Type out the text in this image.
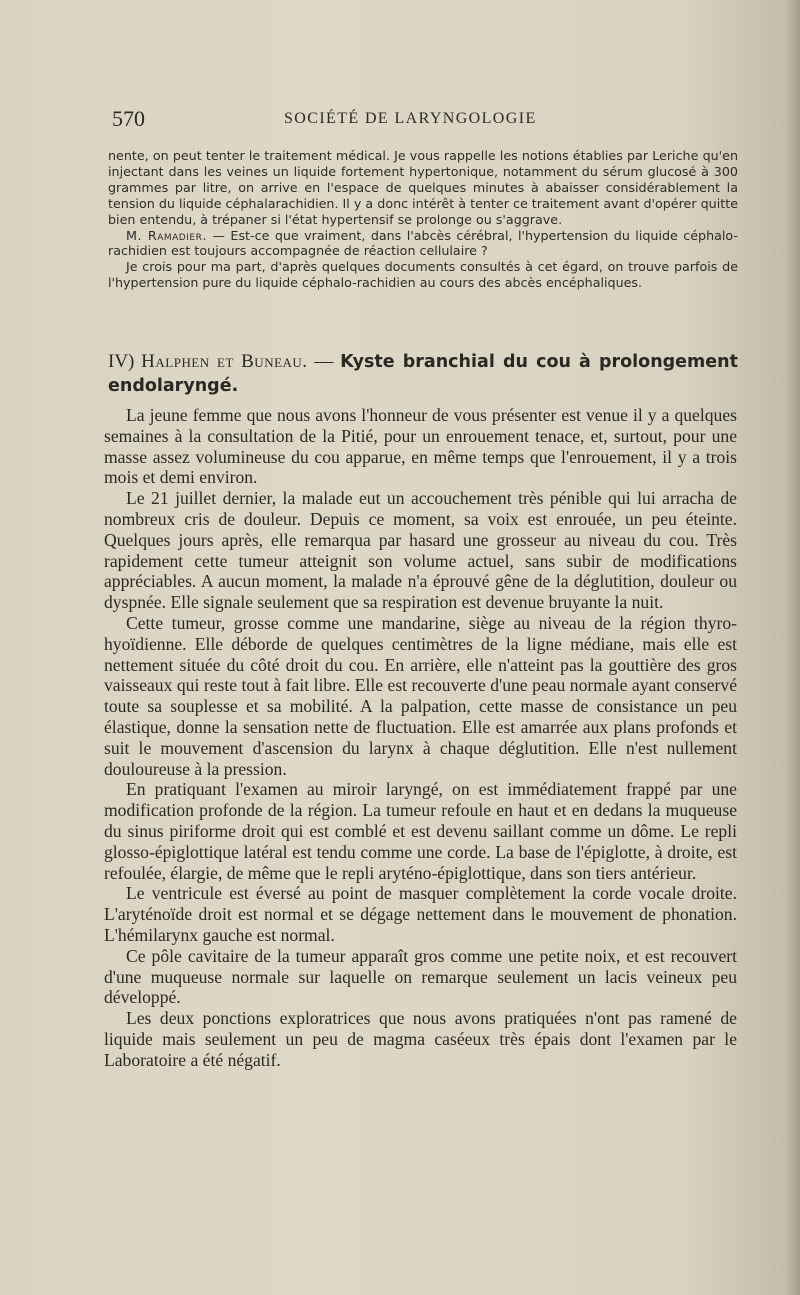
570	SOCIÉTÉ DE LARYNGOLOGIE

nente, on peut tenter le traitement médical. Je vous rappelle les notions établies par Leriche qu'en injectant dans les veines un liquide fortement hypertonique, notamment du sérum glucosé à 300 grammes par litre, on arrive en l'espace de quelques minutes à abaisser considérablement la tension du liquide céphalarachidien. Il y a donc intérêt à tenter ce traitement avant d'opérer quitte bien entendu, à trépaner si l'état hypertensif se prolonge ou s'aggrave.

M. Ramadier. — Est-ce que vraiment, dans l'abcès cérébral, l'hypertension du liquide céphalo-rachidien est toujours accompagnée de réaction cellulaire ?

Je crois pour ma part, d'après quelques documents consultés à cet égard, on trouve parfois de l'hypertension pure du liquide céphalo-rachidien au cours des abcès encéphaliques.

IV) Halphen et Buneau. — Kyste branchial du cou à prolongement endolaryngé.

La jeune femme que nous avons l'honneur de vous présenter est venue il y a quelques semaines à la consultation de la Pitié, pour un enrouement tenace, et, surtout, pour une masse assez volumineuse du cou apparue, en même temps que l'enrouement, il y a trois mois et demi environ.

Le 21 juillet dernier, la malade eut un accouchement très pénible qui lui arracha de nombreux cris de douleur. Depuis ce moment, sa voix est enrouée, un peu éteinte. Quelques jours après, elle remarqua par hasard une grosseur au niveau du cou. Très rapidement cette tumeur atteignit son volume actuel, sans subir de modifications appréciables. A aucun moment, la malade n'a éprouvé gêne de la déglutition, douleur ou dyspnée. Elle signale seulement que sa respiration est devenue bruyante la nuit.

Cette tumeur, grosse comme une mandarine, siège au niveau de la région thyro-hyoïdienne. Elle déborde de quelques centimètres de la ligne médiane, mais elle est nettement située du côté droit du cou. En arrière, elle n'atteint pas la gouttière des gros vaisseaux qui reste tout à fait libre. Elle est recouverte d'une peau normale ayant conservé toute sa souplesse et sa mobilité. A la palpation, cette masse de consistance un peu élastique, donne la sensation nette de fluctuation. Elle est amarrée aux plans profonds et suit le mouvement d'ascension du larynx à chaque déglutition. Elle n'est nullement douloureuse à la pression.

En pratiquant l'examen au miroir laryngé, on est immédiatement frappé par une modification profonde de la région. La tumeur refoule en haut et en dedans la muqueuse du sinus piriforme droit qui est comblé et est devenu saillant comme un dôme. Le repli glosso-épiglottique latéral est tendu comme une corde. La base de l'épiglotte, à droite, est refoulée, élargie, de même que le repli aryténo-épiglottique, dans son tiers antérieur.

Le ventricule est éversé au point de masquer complètement la corde vocale droite. L'aryténoïde droit est normal et se dégage nettement dans le mouvement de phonation. L'hémilarynx gauche est normal.

Ce pôle cavitaire de la tumeur apparaît gros comme une petite noix, et est recouvert d'une muqueuse normale sur laquelle on remarque seulement un lacis veineux peu développé.

Les deux ponctions exploratrices que nous avons pratiquées n'ont pas ramené de liquide mais seulement un peu de magma caséeux très épais dont l'examen par le Laboratoire a été négatif.
